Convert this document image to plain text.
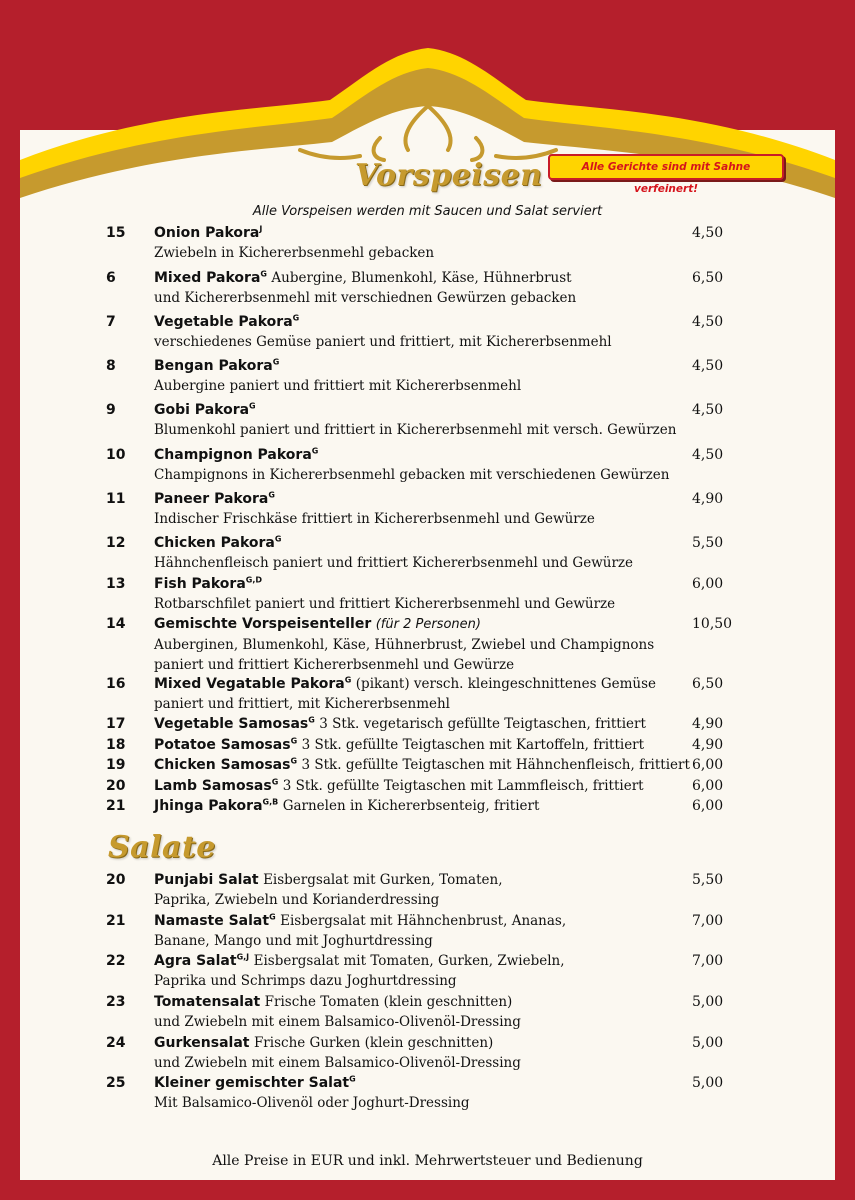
Alle Gerichte sind mit Sahne verfeinert!
Vorspeisen
Alle Vorspeisen werden mit Saucen und Salat serviert
15 Onion Pakora$^J$
Zwiebeln in Kichererbsenmehl gebacken
4,50
6	Mixed Pakora$^G$ Aubergine, Blumenkohl, Käse, Hühnerbrust
und Kichererbsenmehl mit verschiednen Gewürzen gebacken
6,50
7	Vegetable Pakora$^G$
verschiedenes Gemüse paniert und frittiert, mit Kichererbsenmehl
4,50
8	Bengan Pakora$^G$
Aubergine paniert und frittiert mit Kichererbsenmehl
4,50
9	Gobi Pakora$^G$
Blumenkohl paniert und frittiert in Kichererbsenmehl mit versch. Gewürzen
4,50
10 Champignon Pakora$^G$
Champignons in Kichererbsenmehl gebacken mit verschiedenen Gewürzen
4,50
11 Paneer Pakora$^G$
Indischer Frischkäse frittiert in Kichererbsenmehl und Gewürze
4,90
12 Chicken Pakora$^G$
Hähnchenfleisch paniert und frittiert Kichererbsenmehl und Gewürze
5,50
13 Fish Pakora$^{G,D}$
Rotbarschfilet paniert und frittiert Kichererbsenmehl und Gewürze
6,00
14 Gemischte Vorspeisenteller (für 2 Personen)
Auberginen, Blumenkohl, Käse, Hühnerbrust, Zwiebel und Champignons
paniert und frittiert Kichererbsenmehl und Gewürze
10,50
16 Mixed Vegatable Pakora$^G$ (pikant) versch. kleingeschnittenes Gemüse
paniert und frittiert, mit Kichererbsenmehl
6,50
17 Vegetable Samosas$^G$ 3 Stk. vegetarisch gefüllte Teigtaschen, frittiert	4,90
18 Potatoe Samosas$^G$ 3 Stk. gefüllte Teigtaschen mit Kartoffeln, frittiert	4,90
19 Chicken Samosas$^G$ 3 Stk. gefüllte Teigtaschen mit Hähnchenfleisch, frittiert 6,00
20 Lamb Samosas$^G$ 3 Stk. gefüllte Teigtaschen mit Lammfleisch, frittiert	6,00
21 Jhinga Pakora$^{G,B}$ Garnelen in Kichererbsenteig, fritiert	6,00
Salate
20 Punjabi Salat Eisbergsalat mit Gurken, Tomaten,
Paprika, Zwiebeln und Korianderdressing
5,50
21 Namaste Salat$^G$ Eisbergsalat mit Hähnchenbrust, Ananas,
Banane, Mango und mit Joghurtdressing
7,00
22 Agra Salat$^{G,J}$ Eisbergsalat mit Tomaten, Gurken, Zwiebeln,
Paprika und Schrimps dazu Joghurtdressing
7,00
23 Tomatensalat Frische Tomaten (klein geschnitten)
und Zwiebeln mit einem Balsamico-Olivenöl-Dressing
5,00
24 Gurkensalat Frische Gurken (klein geschnitten)
und Zwiebeln mit einem Balsamico-Olivenöl-Dressing
5,00
25 Kleiner gemischter Salat$^G$
Mit Balsamico-Olivenöl oder Joghurt-Dressing
5,00
Alle Preise in EUR und inkl. Mehrwertsteuer und Bedienung
